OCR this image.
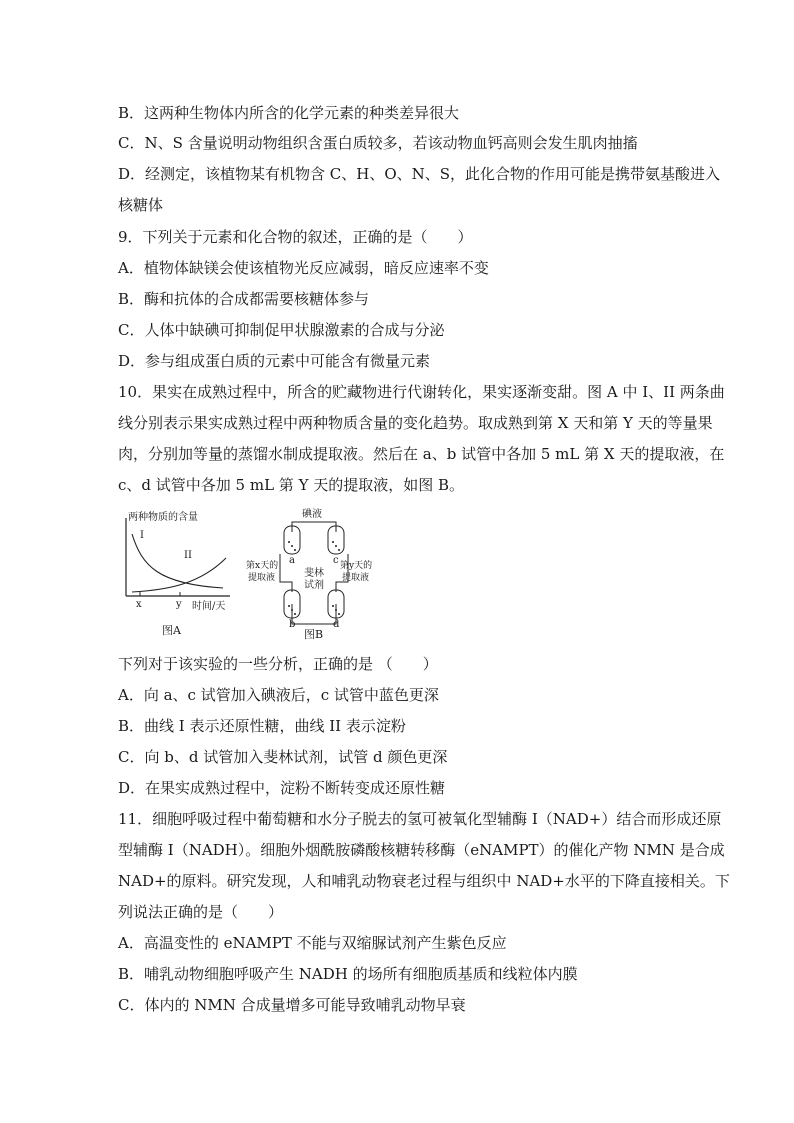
B．这两种生物体内所含的化学元素的种类差异很大
C．N、S 含量说明动物组织含蛋白质较多，若该动物血钙高则会发生肌肉抽搐
D．经测定，该植物某有机物含 C、H、O、N、S，此化合物的作用可能是携带氨基酸进入
核糖体
9．下列关于元素和化合物的叙述，正确的是（　　）
A．植物体缺镁会使该植物光反应减弱，暗反应速率不变
B．酶和抗体的合成都需要核糖体参与
C．人体中缺碘可抑制促甲状腺激素的合成与分泌
D．参与组成蛋白质的元素中可能含有微量元素
10．果实在成熟过程中，所含的贮藏物进行代谢转化，果实逐渐变甜。图 A 中 I、II 两条曲
线分别表示果实成熟过程中两种物质含量的变化趋势。取成熟到第 X 天和第 Y 天的等量果
肉，分别加等量的蒸馏水制成提取液。然后在 a、b 试管中各加 5 mL 第 X 天的提取液，在
c、d 试管中各加 5 mL 第 Y 天的提取液，如图 B。
两种物质的含量
I
II
x	y 时间/天
图A
碘液
a	c
第x天的
提取液
第y天的
提取液
斐林
试剂
b	d
图B
下列对于该实验的一些分析，正确的是 （　　）
A．向 a、c 试管加入碘液后，c 试管中蓝色更深
B．曲线 I 表示还原性糖，曲线 II 表示淀粉
C．向 b、d 试管加入斐林试剂，试管 d 颜色更深
D．在果实成熟过程中，淀粉不断转变成还原性糖
11．细胞呼吸过程中葡萄糖和水分子脱去的氢可被氧化型辅酶 I（NAD+）结合而形成还原
型辅酶 I（NADH）。细胞外烟酰胺磷酸核糖转移酶（eNAMPT）的催化产物 NMN 是合成
NAD+的原料。研究发现，人和哺乳动物衰老过程与组织中 NAD+水平的下降直接相关。下
列说法正确的是（　　）
A．高温变性的 eNAMPT 不能与双缩脲试剂产生紫色反应
B．哺乳动物细胞呼吸产生 NADH 的场所有细胞质基质和线粒体内膜
C．体内的 NMN 合成量增多可能导致哺乳动物早衰
